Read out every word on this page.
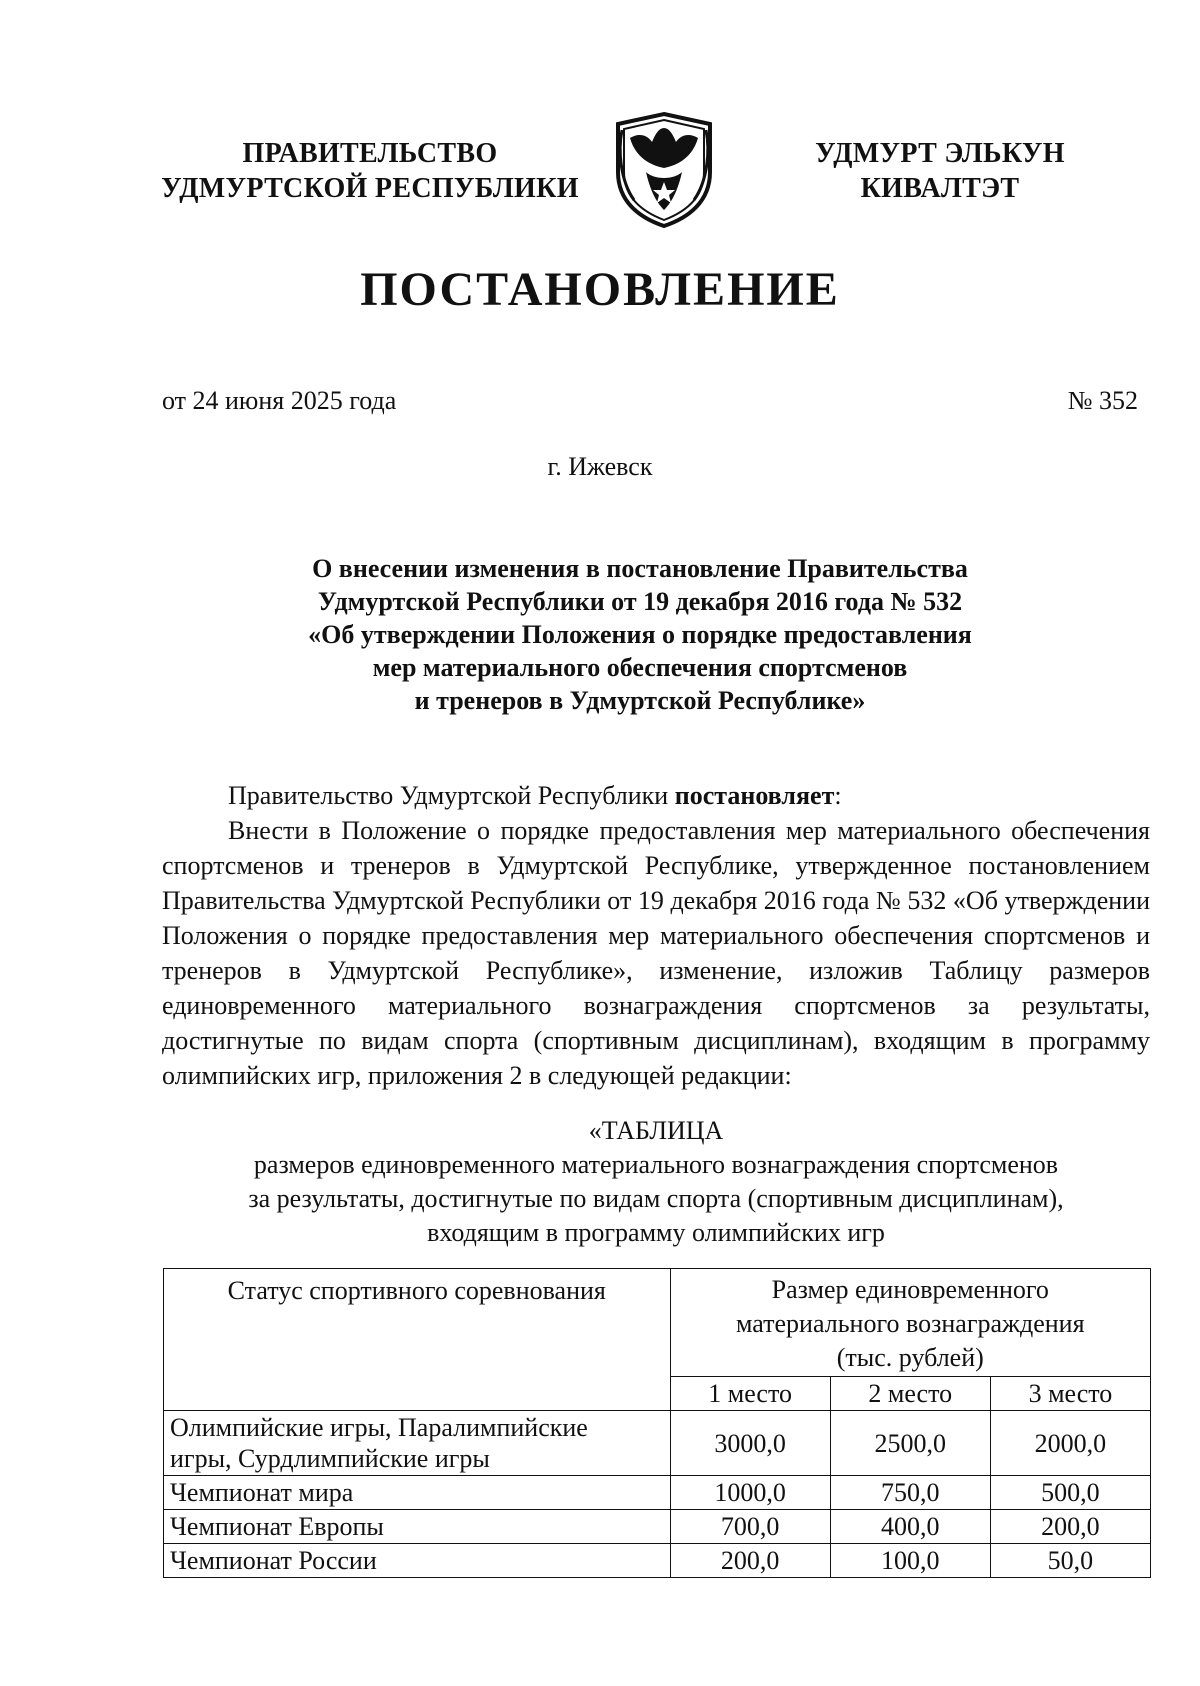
ПРАВИТЕЛЬСТВО
УДМУРТСКОЙ РЕСПУБЛИКИ
УДМУРТ ЭЛЬКУН
КИВАЛТЭТ
ПОСТАНОВЛЕНИЕ
от 24 июня 2025 года	№ 352
г. Ижевск
О внесении изменения в постановление Правительства
Удмуртской Республики от 19 декабря 2016 года № 532
«Об утверждении Положения о порядке предоставления
мер материального обеспечения спортсменов
и тренеров в Удмуртской Республике»

Правительство Удмуртской Республики постановляет:

Внести в Положение о порядке предоставления мер материального обеспечения спортсменов и тренеров в Удмуртской Республике, утвержденное постановлением Правительства Удмуртской Республики от 19 декабря 2016 года № 532 «Об утверждении Положения о порядке предоставления мер материального обеспечения спортсменов и тренеров в Удмуртской Республике», изменение, изложив Таблицу размеров единовременного материального вознаграждения спортсменов за результаты, достигнутые по видам спорта (спортивным дисциплинам), входящим в программу олимпийских игр, приложения 2 в следующей редакции:

«ТАБЛИЦА
размеров единовременного материального вознаграждения спортсменов
за результаты, достигнутые по видам спорта (спортивным дисциплинам),
входящим в программу олимпийских игр
Статус спортивного соревнования	Размер единовременного
материального вознаграждения
(тыс. рублей)		

	1 место	2 место	3 место

Олимпийские игры, Паралимпийские
игры, Сурдлимпийские игры	3000,0	2500,0	2000,0
Чемпионат мира	1000,0	750,0	500,0
Чемпионат Европы	700,0	400,0	200,0
Чемпионат России	200,0	100,0	50,0
